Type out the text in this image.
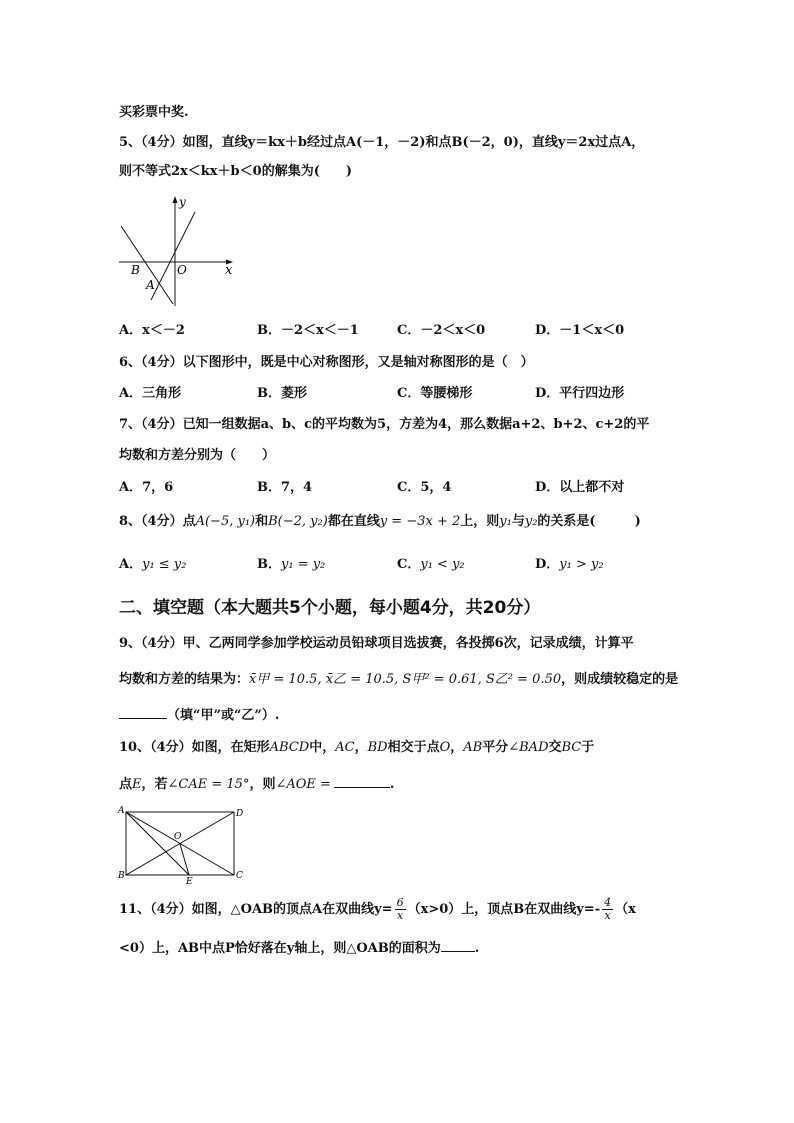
买彩票中奖.
5、（4分）如图，直线y＝kx＋b经过点A(－1，－2)和点B(－2，0)，直线y＝2x过点A，
则不等式2x＜kx＋b＜0的解集为(　　)
y
x
O
B
A
A．x＜－2	B．－2＜x＜－1	C．－2＜x＜0	D．－1＜x＜0
6、（4分）以下图形中，既是中心对称图形，又是轴对称图形的是（　）
A．三角形	B．菱形	C．等腰梯形	D．平行四边形
7、（4分）已知一组数据a、b、c的平均数为5，方差为4，那么数据a+2、b+2、c+2的平
均数和方差分别为（　　）
A．7，6	B．7，4	C．5，4	D．以上都不对
8、（4分）点A(−5, y₁)和B(−2, y₂)都在直线y = −3x + 2上，则y₁与y₂的关系是(　　　)
A．y₁ ≤ y₂	B．y₁ = y₂	C．y₁ < y₂	D．y₁ > y₂
二、填空题（本大题共5个小题，每小题4分，共20分）
9、（4分）甲、乙两同学参加学校运动员铅球项目选拔赛，各投掷6次，记录成绩，计算平
均数和方差的结果为：x̄甲 = 10.5, x̄乙 = 10.5, S甲² = 0.61, S乙² = 0.50，则成绩较稳定的是
（填“甲”或“乙”）.
10、（4分）如图，在矩形ABCD中，AC，BD相交于点O，AB平分∠BAD交BC于
点E，若∠CAE = 15°，则∠AOE =	.
A	D
O
B
E
C
11、（4分）如图，△OAB的顶点A在双曲线$y= \frac{6}{x} (x>0)$上，顶点B在双曲线$y=- \frac{4}{x} (x$
<0）上，AB中点P恰好落在y轴上，则△OAB的面积为	.
